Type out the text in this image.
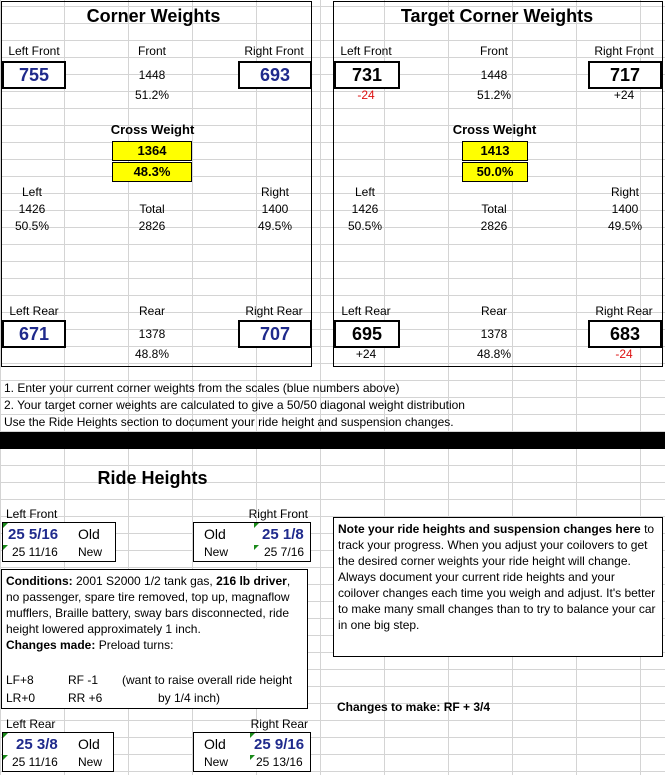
Corner Weights
Left Front	Front	Right Front
755	1448	693
51.2%
Cross Weight
1364
48.3%
Left	Right
1426	Total	1400
50.5%	2826	49.5%
Left Rear	Rear	Right Rear
671	1378	707
48.8%
Target Corner Weights
Left Front	Front	Right Front
731	1448	717
-24	51.2%	+24
Cross Weight
1413
50.0%
Left	Right
1426	Total	1400
50.5%	2826	49.5%
Left Rear	Rear	Right Rear
695	1378	683
+24	48.8%	-24
1. Enter your current corner weights from the scales (blue numbers above)
2. Your target corner weights are calculated to give a 50/50 diagonal weight distribution
Use the Ride Heights section to document your ride height and suspension changes.
Ride Heights
Left Front
25 5/16 Old
25 11/16 New
Right Front
Old 25 1/8
New	25 7/16
Conditions: 2001 S2000 1/2 tank gas, 216 lb driver, no passenger, spare tire removed, top up, magnaflow mufflers, Braille battery, sway bars disconnected, ride height lowered approximately 1 inch.
Changes made: Preload turns:
LF+8	RF -1 (want to raise overall ride height
LR+0	RR +6	by 1/4 inch)
Left Rear
25 3/8 Old
25 11/16 New
Right Rear
Old 25 9/16
New 25 13/16
Note your ride heights and suspension changes here to track your progress. When you adjust your coilovers to get the desired corner weights your ride height will change. Always document your current ride heights and your coilover changes each time you weigh and adjust. It's better to make many small changes than to try to balance your car in one big step.
Changes to make: RF + 3/4
